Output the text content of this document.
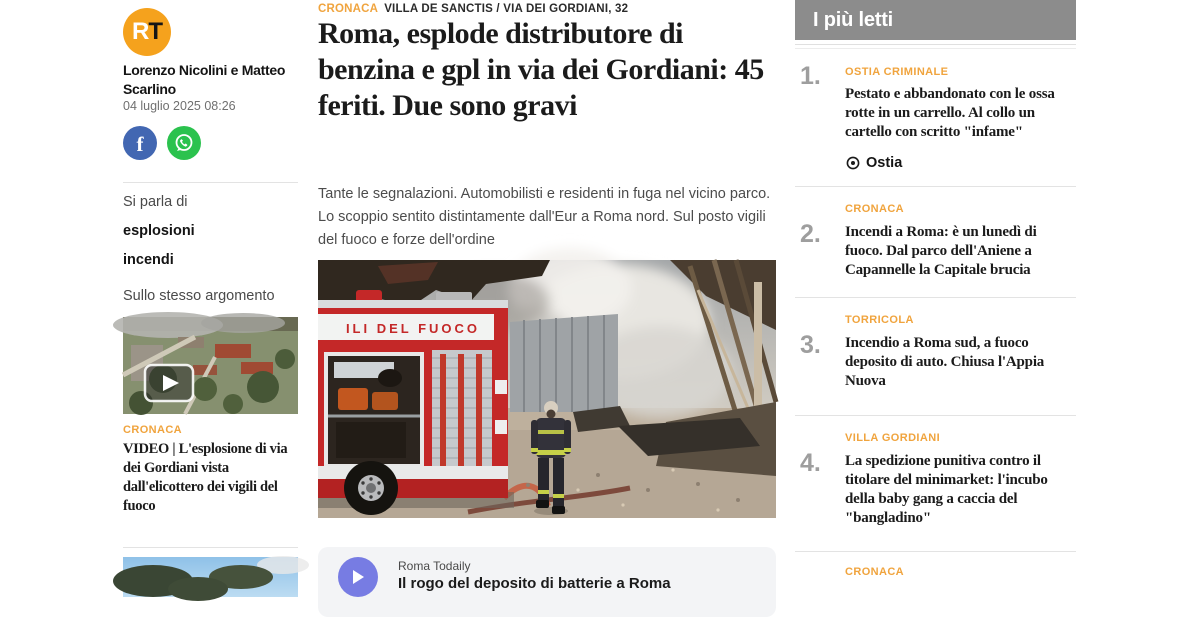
R T
Lorenzo Nicolini e Matteo Scarlino
04 luglio 2025 08:26
f
Si parla di
esplosioni
incendi
Sullo stesso argomento
CRONACA
VIDEO | L'esplosione di via dei Gordiani vista dall'elicottero dei vigili del fuoco
CRONACA VILLA DE SANCTIS / VIA DEI GORDIANI, 32
Roma, esplode distributore di benzina e gpl in via dei Gordiani: 45 feriti. Due sono gravi
Tante le segnalazioni. Automobilisti e residenti in fuga nel vicino parco. Lo scoppio sentito distintamente dall'Eur a Roma nord. Sul posto vigili del fuoco e forze dell'ordine
ILI DEL FUOCO
Roma Todaily
Il rogo del deposito di batterie a Roma
I più letti
1. OSTIA CRIMINALE
Pestato e abbandonato con le ossa rotte in un carrello. Al collo un cartello con scritto "infame"
Ostia
2.
CRONACA
Incendi a Roma: è un lunedì di fuoco. Dal parco dell'Aniene a Capannelle la Capitale brucia
3.
TORRICOLA
Incendio a Roma sud, a fuoco deposito di auto. Chiusa l'Appia Nuova
4.
VILLA GORDIANI
La spedizione punitiva contro il titolare del minimarket: l'incubo della baby gang a caccia del "bangladino"
CRONACA
